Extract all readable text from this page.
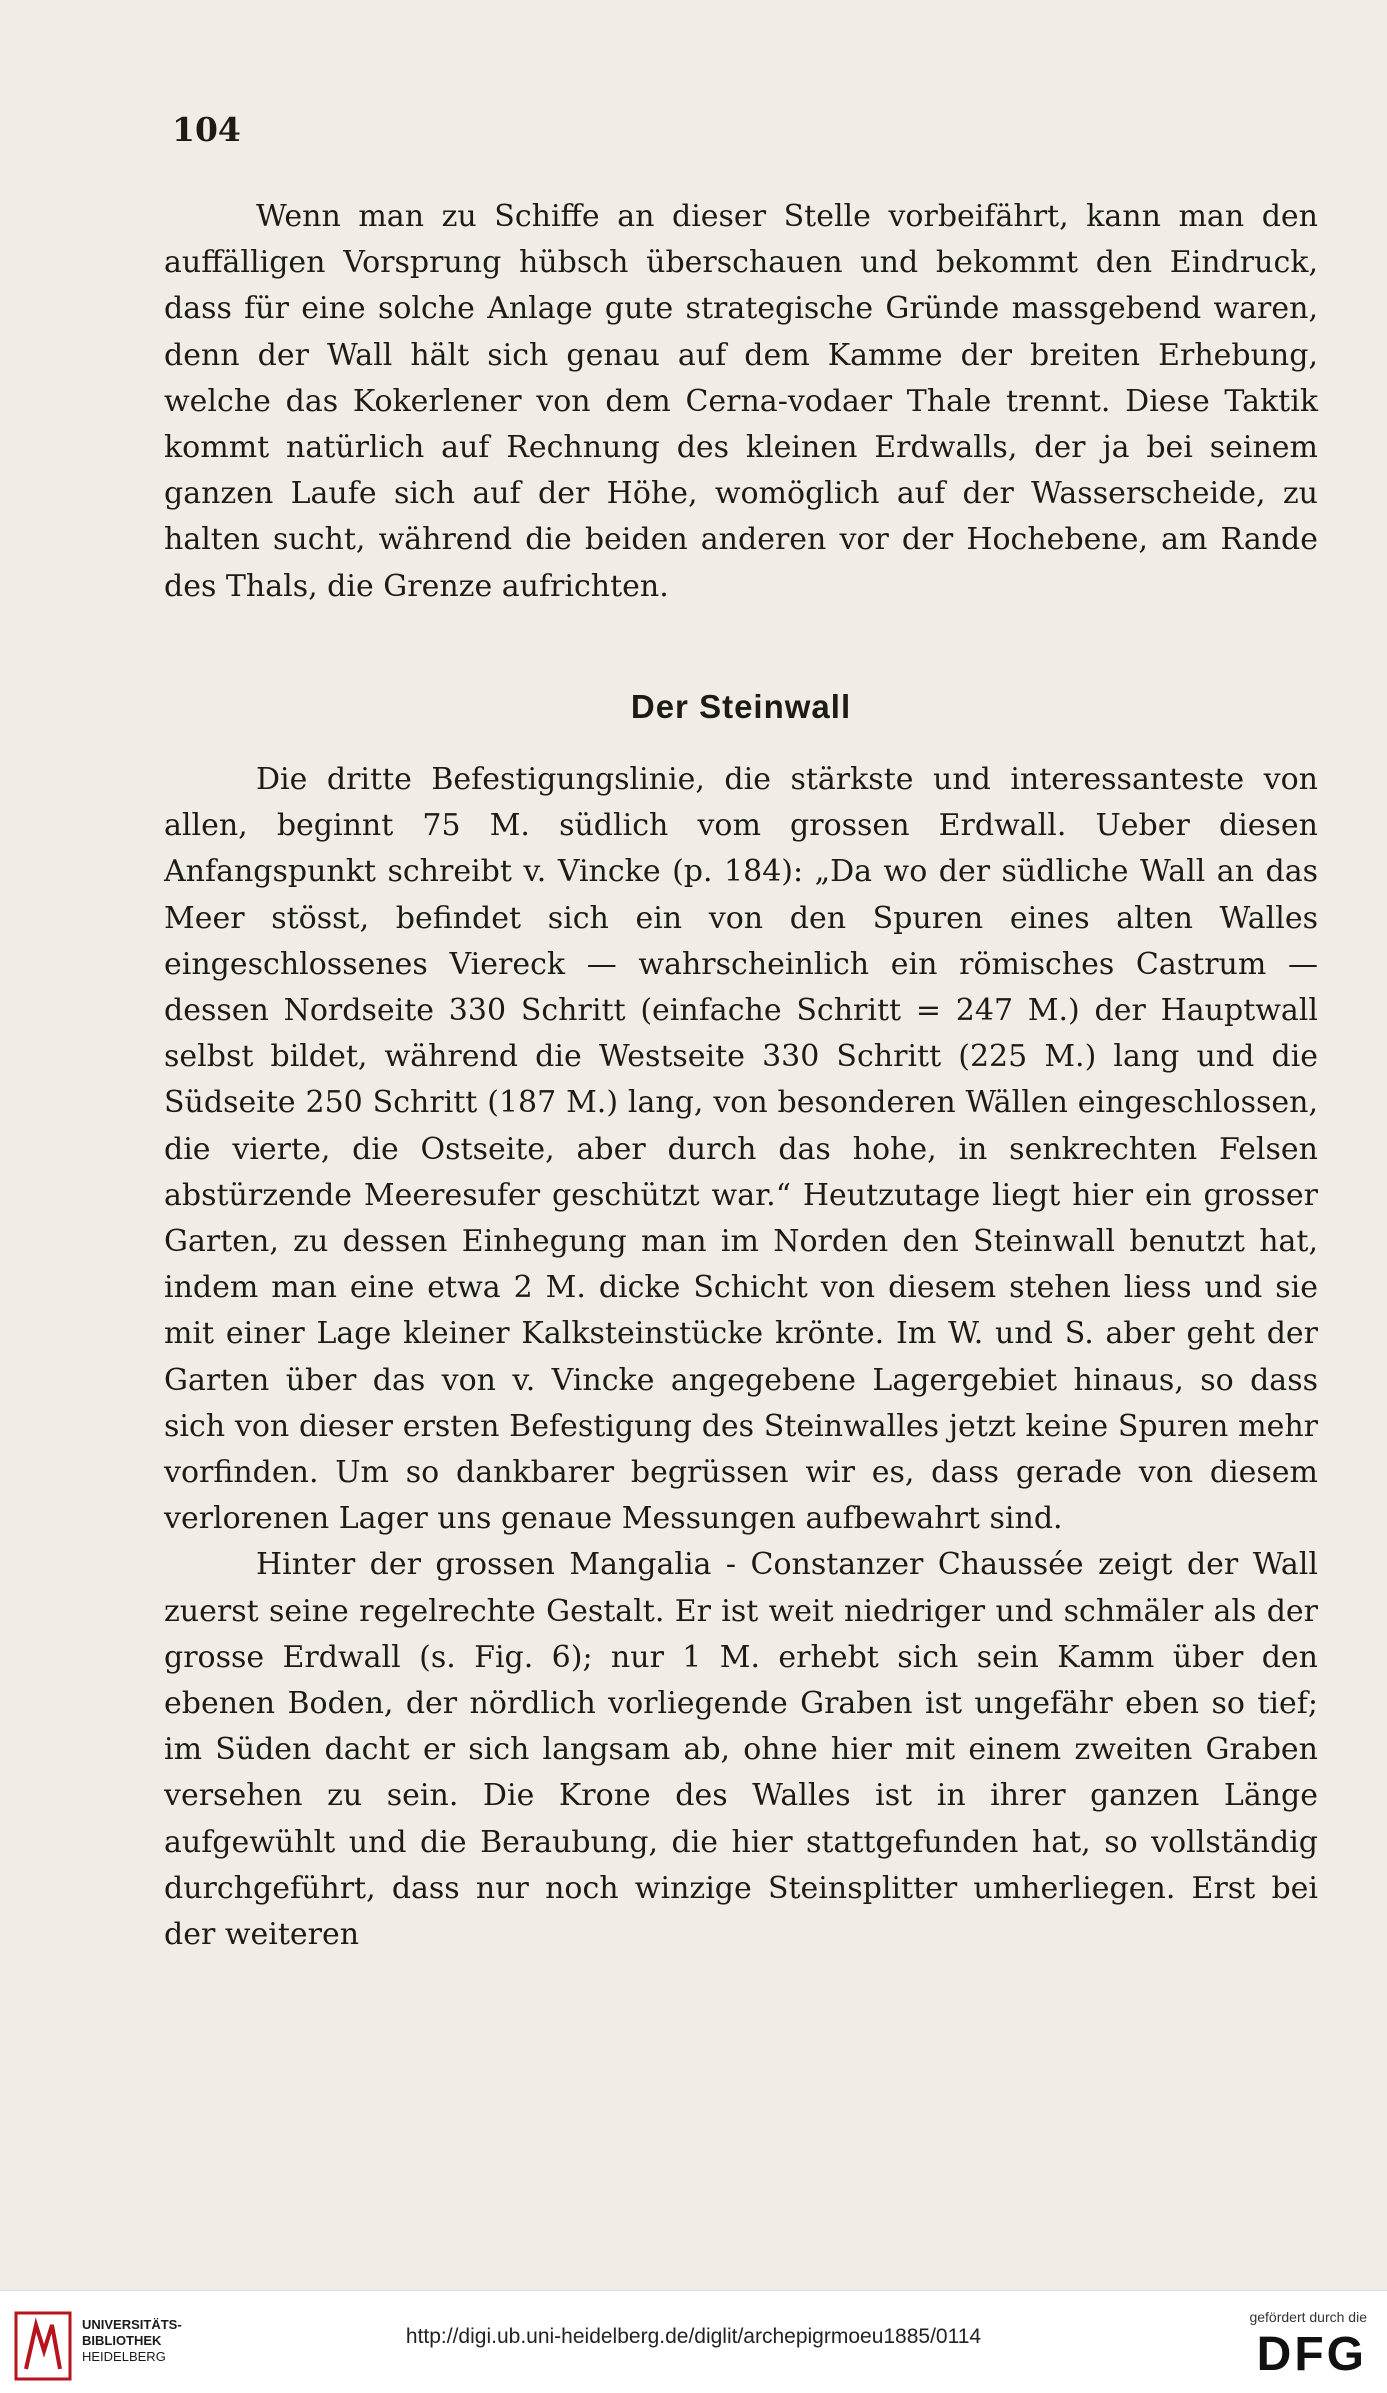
104

Wenn man zu Schiffe an dieser Stelle vorbeifährt, kann man den auffälligen Vorsprung hübsch überschauen und bekommt den Eindruck, dass für eine solche Anlage gute strategische Gründe massgebend waren, denn der Wall hält sich genau auf dem Kamme der breiten Erhebung, welche das Kokerlener von dem Cerna-vodaer Thale trennt. Diese Taktik kommt natürlich auf Rechnung des kleinen Erdwalls, der ja bei seinem ganzen Laufe sich auf der Höhe, womöglich auf der Wasserscheide, zu halten sucht, während die beiden anderen vor der Hochebene, am Rande des Thals, die Grenze aufrichten.

Der Steinwall

Die dritte Befestigungslinie, die stärkste und interessanteste von allen, beginnt 75 M. südlich vom grossen Erdwall. Ueber diesen Anfangspunkt schreibt v. Vincke (p. 184): „Da wo der südliche Wall an das Meer stösst, befindet sich ein von den Spuren eines alten Walles eingeschlossenes Viereck — wahrscheinlich ein römisches Castrum — dessen Nordseite 330 Schritt (einfache Schritt = 247 M.) der Hauptwall selbst bildet, während die Westseite 330 Schritt (225 M.) lang und die Südseite 250 Schritt (187 M.) lang, von besonderen Wällen eingeschlossen, die vierte, die Ostseite, aber durch das hohe, in senkrechten Felsen abstürzende Meeresufer geschützt war.“ Heutzutage liegt hier ein grosser Garten, zu dessen Einhegung man im Norden den Steinwall benutzt hat, indem man eine etwa 2 M. dicke Schicht von diesem stehen liess und sie mit einer Lage kleiner Kalksteinstücke krönte. Im W. und S. aber geht der Garten über das von v. Vincke angegebene Lagergebiet hinaus, so dass sich von dieser ersten Befestigung des Steinwalles jetzt keine Spuren mehr vorfinden. Um so dankbarer begrüssen wir es, dass gerade von diesem verlorenen Lager uns genaue Messungen aufbewahrt sind.

Hinter der grossen Mangalia - Constanzer Chaussée zeigt der Wall zuerst seine regelrechte Gestalt. Er ist weit niedriger und schmäler als der grosse Erdwall (s. Fig. 6); nur 1 M. erhebt sich sein Kamm über den ebenen Boden, der nördlich vorliegende Graben ist ungefähr eben so tief; im Süden dacht er sich langsam ab, ohne hier mit einem zweiten Graben versehen zu sein. Die Krone des Walles ist in ihrer ganzen Länge aufgewühlt und die Beraubung, die hier stattgefunden hat, so vollständig durchgeführt, dass nur noch winzige Steinsplitter umherliegen. Erst bei der weiteren

UNIVERSITÄTS-
BIBLIOTHEK
HEIDELBERG
http://digi.ub.uni-heidelberg.de/diglit/archepigrmoeu1885/0114

gefördert durch die

DFG
